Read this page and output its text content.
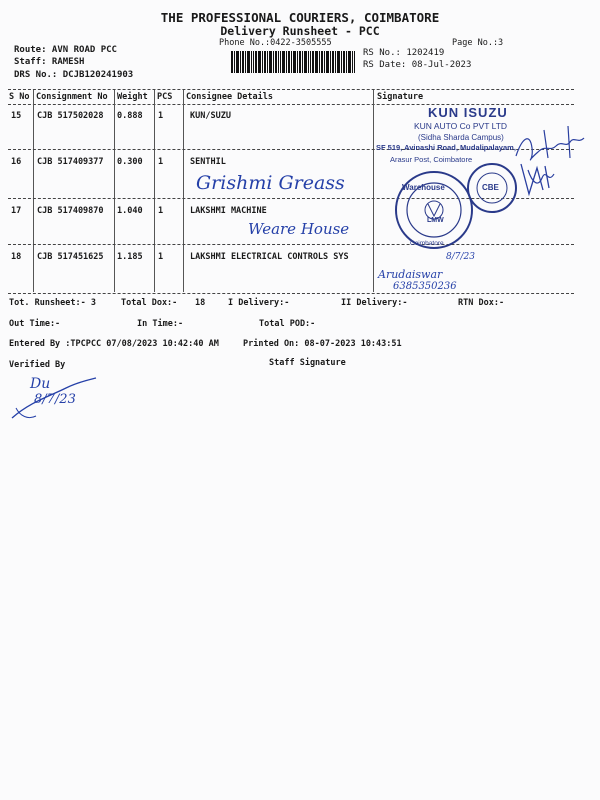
THE PROFESSIONAL COURIERS, COIMBATORE
Delivery Runsheet - PCC
Phone No.:0422-3505555	Page No.:3
Route: AVN ROAD PCC
Staff: RAMESH
DRS No.: DCJB120241903
RS No.: 1202419
RS Date: 08-Jul-2023
S No Consignment No Weight PCS Consignee Details	Signature
15 CJB 517502028 0.888 1	KUN/SUZU
16 CJB 517409377 0.300 1	SENTHIL
Grishmi Greass
17 CJB 517409870 1.040 1	LAKSHMI MACHINE
Weare House
18 CJB 517451625 1.185 1	LAKSHMI ELECTRICAL CONTROLS SYS
Arudaiswar
6385350236
8/7/23
KUN ISUZU
KUN AUTO Co PVT LTD
(Sidha Sharda Campus)
SF 519, Avinashi Road, Mudalipalayam,
Arasur Post, Coimbatore
Warehouse
LMW
CBE
Coimbatore
Tot. Runsheet:- 3	Total Dox:- 18	I Delivery:-	II Delivery:-	RTN Dox:-
Out Time:-	In Time:-	Total POD:-
Entered By :TPCPCC 07/08/2023 10:42:40 AM	Printed On: 08-07-2023 10:43:51
Verified By	Staff Signature
Du
8/7/23
